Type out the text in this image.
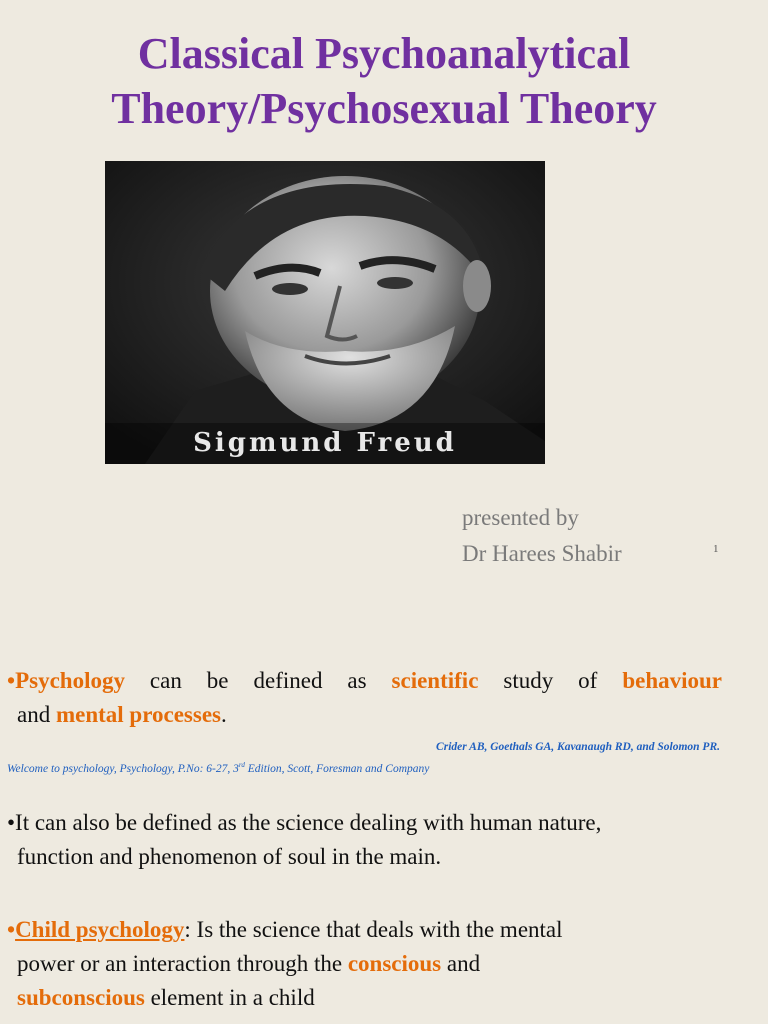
Classical Psychoanalytical
Theory/Psychosexual Theory
Sigmund Freud
presented by
Dr Harees Shabir	1
•Psychology can be defined as scientific study of behaviour
and mental processes.
Crider AB, Goethals GA, Kavanaugh RD, and Solomon PR.
Welcome to psychology, Psychology, P.No: 6-27, 3rd Edition, Scott, Foresman and Company
•It can also be defined as the science dealing with human nature,
function and phenomenon of soul in the main.
•Child psychology: Is the science that deals with the mental
power or an interaction through the conscious and
subconscious element in a child
